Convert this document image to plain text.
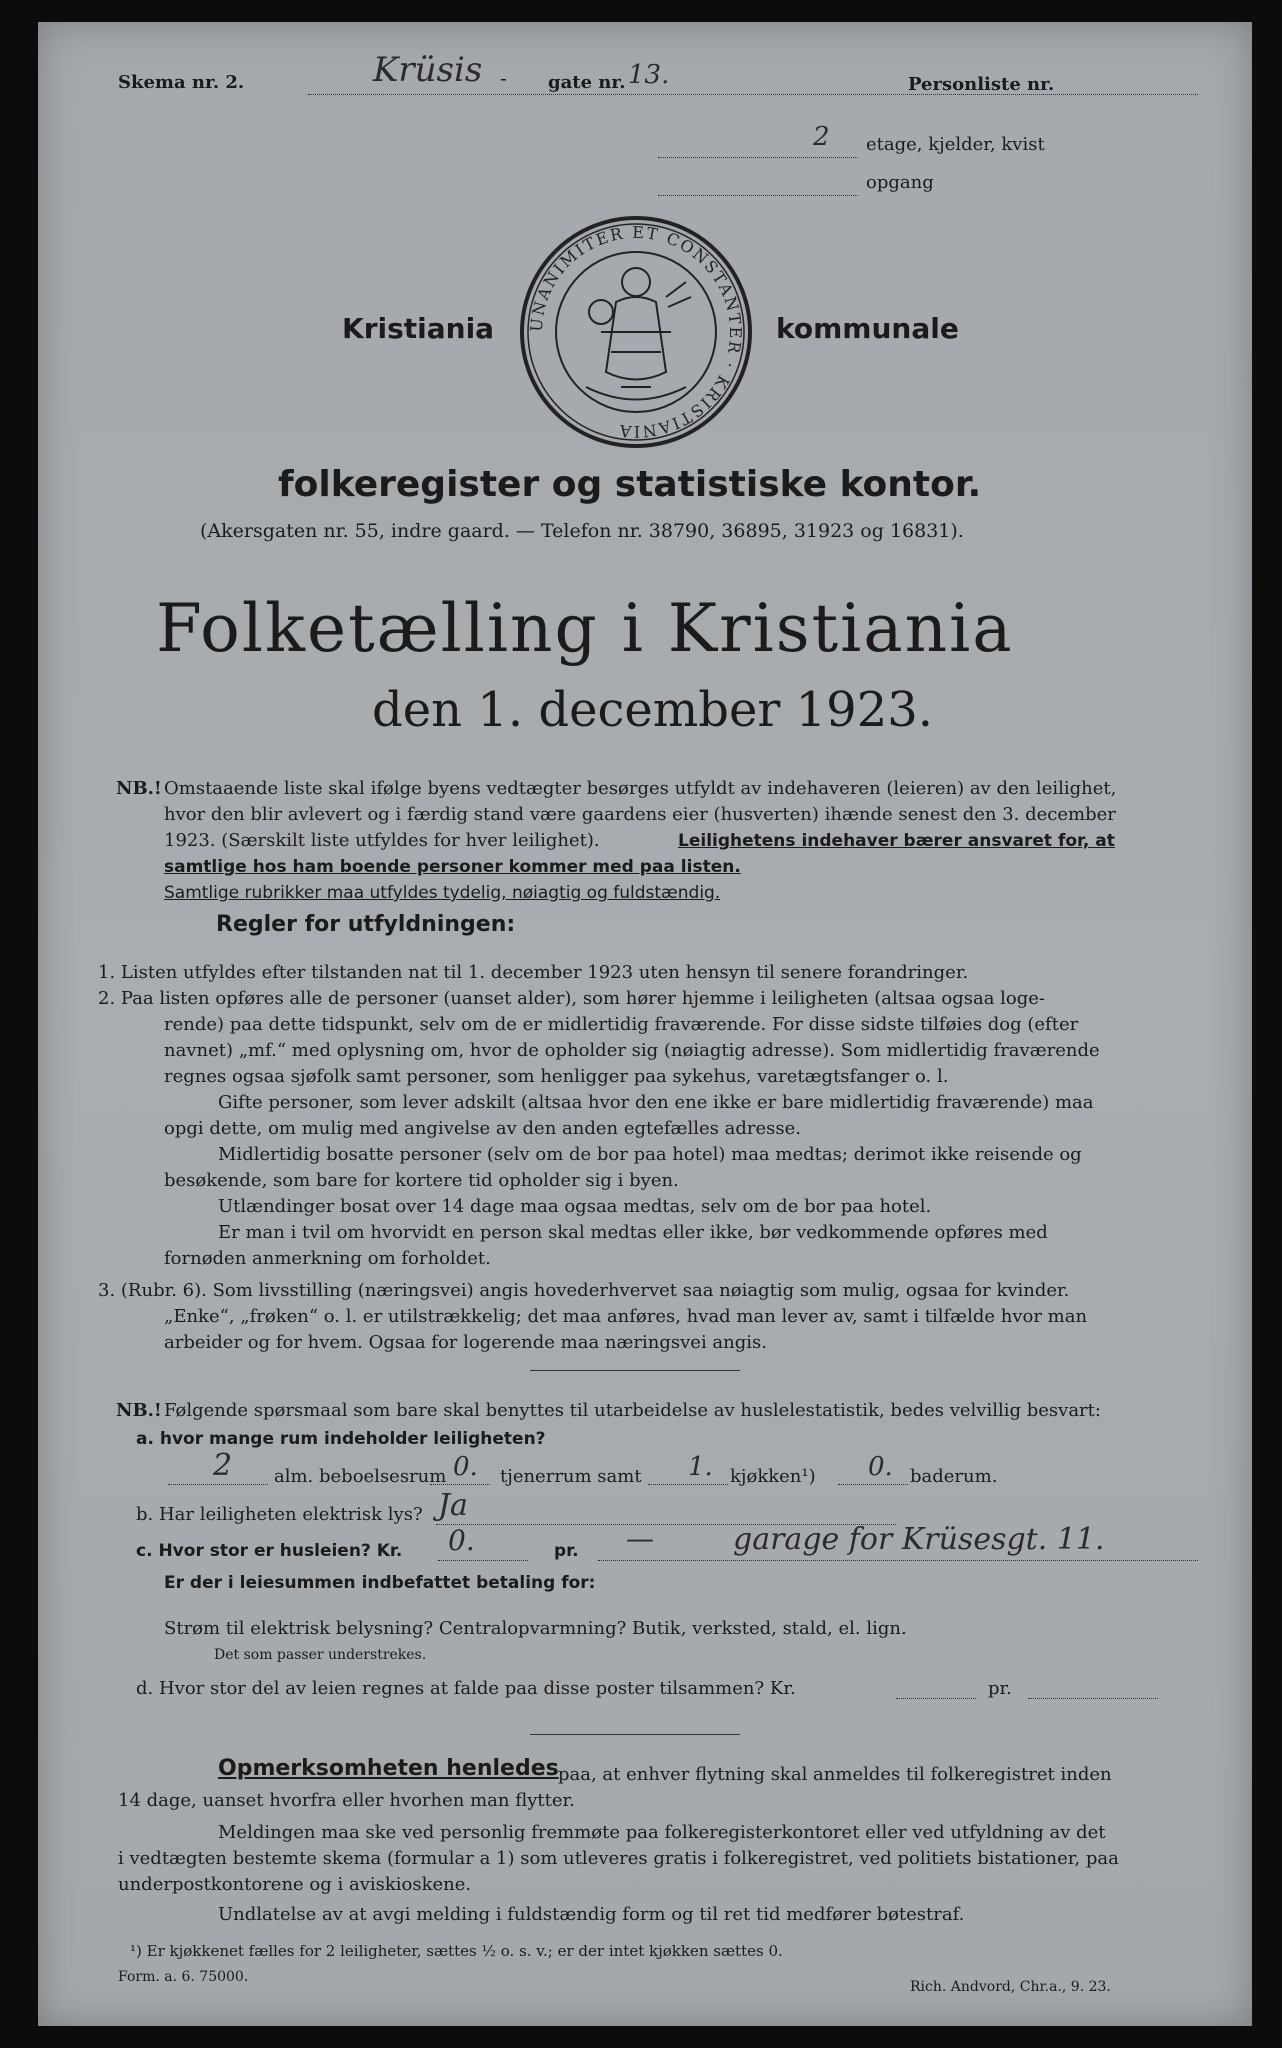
Skema nr. 2.	Krüsis - gate nr. 13.	Personliste nr.
2 etage, kjelder, kvist
opgang
Kristiania UNANIMITER ET CONSTANTER · KRISTIANIA
kommunale
folkeregister og statistiske kontor.
(Akersgaten nr. 55, indre gaard. — Telefon nr. 38790, 36895, 31923 og 16831).
Folketælling i Kristiania
den 1. december 1923.
NB.! Omstaaende liste skal ifølge byens vedtægter besørges utfyldt av indehaveren (leieren) av den leilighet,
hvor den blir avlevert og i færdig stand være gaardens eier (husverten) ihænde senest den 3. december
1923. (Særskilt liste utfyldes for hver leilighet).	Leilighetens indehaver bærer ansvaret for, at
samtlige hos ham boende personer kommer med paa listen.
Samtlige rubrikker maa utfyldes tydelig, nøiagtig og fuldstændig.
Regler for utfyldningen:
NB.! Følgende spørsmaal som bare skal benyttes til utarbeidelse av huslelestatistik, bedes velvillig besvart:
a. hvor mange rum indeholder leiligheten?
2 alm. beboelsesrum 0. tjenerrum samt 1. kjøkken¹) 0. baderum.
b. Har leiligheten elektrisk lys? Ja
c. Hvor stor er husleien? Kr. 0.	pr. —	garage for Krüsesgt. 11.
Er der i leiesummen indbefattet betaling for:
Strøm til elektrisk belysning? Centralopvarmning? Butik, verksted, stald, el. lign.
Det som passer understrekes.
d. Hvor stor del av leien regnes at falde paa disse poster tilsammen? Kr.	pr.
Opmerksomheten henledes paa, at enhver flytning skal anmeldes til folkeregistret inden
14 dage, uanset hvorfra eller hvorhen man flytter.
Meldingen maa ske ved personlig fremmøte paa folkeregisterkontoret eller ved utfyldning av det
i vedtægten bestemte skema (formular a 1) som utleveres gratis i folkeregistret, ved politiets bistationer, paa
underpostkontorene og i aviskioskene.
Undlatelse av at avgi melding i fuldstændig form og til ret tid medfører bøtestraf.
¹) Er kjøkkenet fælles for 2 leiligheter, sættes ½ o. s. v.; er der intet kjøkken sættes 0.
Form. a. 6. 75000.
Rich. Andvord, Chr.a., 9. 23.
1. Listen utfyldes efter tilstanden nat til 1. december 1923 uten hensyn til senere forandringer.
2. Paa listen opføres alle de personer (uanset alder), som hører hjemme i leiligheten (altsaa ogsaa loge-
rende) paa dette tidspunkt, selv om de er midlertidig fraværende. For disse sidste tilføies dog (efter
navnet) „mf.“ med oplysning om, hvor de opholder sig (nøiagtig adresse). Som midlertidig fraværende
regnes ogsaa sjøfolk samt personer, som henligger paa sykehus, varetægtsfanger o. l.
Gifte personer, som lever adskilt (altsaa hvor den ene ikke er bare midlertidig fraværende) maa
opgi dette, om mulig med angivelse av den anden egtefælles adresse.
Midlertidig bosatte personer (selv om de bor paa hotel) maa medtas; derimot ikke reisende og
besøkende, som bare for kortere tid opholder sig i byen.
Utlændinger bosat over 14 dage maa ogsaa medtas, selv om de bor paa hotel.
Er man i tvil om hvorvidt en person skal medtas eller ikke, bør vedkommende opføres med
fornøden anmerkning om forholdet.
3. (Rubr. 6). Som livsstilling (næringsvei) angis hovederhvervet saa nøiagtig som mulig, ogsaa for kvinder.
„Enke“, „frøken“ o. l. er utilstrækkelig; det maa anføres, hvad man lever av, samt i tilfælde hvor man
arbeider og for hvem. Ogsaa for logerende maa næringsvei angis.
